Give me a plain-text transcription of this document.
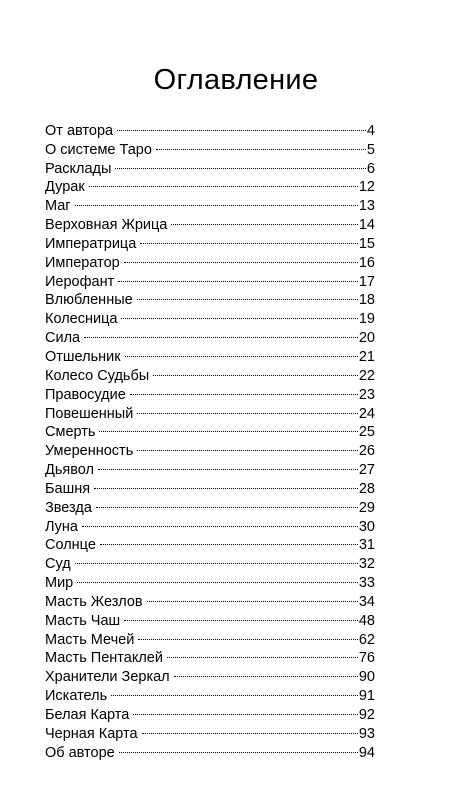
Оглавление
От автора	4
О системе Таро	5
Расклады	6
Дурак	12
Маг	13
Верховная Жрица	14
Императрица	15
Император	16
Иерофант	17
Влюбленные	18
Колесница	19
Сила	20
Отшельник	21
Колесо Судьбы	22
Правосудие	23
Повешенный	24
Смерть	25
Умеренность	26
Дьявол	27
Башня	28
Звезда	29
Луна	30
Солнце	31
Суд	32
Мир	33
Масть Жезлов	34
Масть Чаш	48
Масть Мечей	62
Масть Пентаклей	76
Хранители Зеркал	90
Искатель	91
Белая Карта	92
Черная Карта	93
Об авторе	94
